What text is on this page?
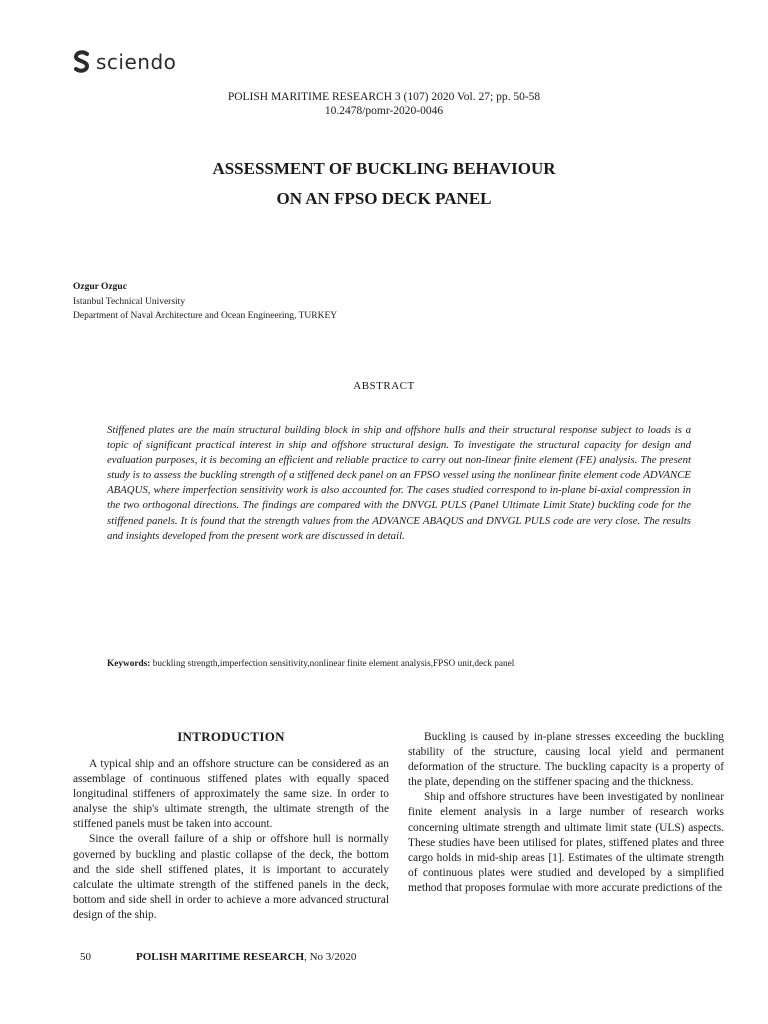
sciendo
POLISH MARITIME RESEARCH 3 (107) 2020 Vol. 27; pp. 50-58
10.2478/pomr-2020-0046
ASSESSMENT OF BUCKLING BEHAVIOUR
ON AN FPSO DECK PANEL
Ozgur Ozguc
Istanbul Technical University
Department of Naval Architecture and Ocean Engineering, TURKEY
ABSTRACT
Stiffened plates are the main structural building block in ship and offshore hulls and their structural response subject to loads is a topic of significant practical interest in ship and offshore structural design. To investigate the structural capacity for design and evaluation purposes, it is becoming an efficient and reliable practice to carry out non-linear finite element (FE) analysis. The present study is to assess the buckling strength of a stiffened deck panel on an FPSO vessel using the nonlinear finite element code ADVANCE ABAQUS, where imperfection sensitivity work is also accounted for. The cases studied correspond to in-plane bi-axial compression in the two orthogonal directions. The findings are compared with the DNVGL PULS (Panel Ultimate Limit State) buckling code for the stiffened panels. It is found that the strength values from the ADVANCE ABAQUS and DNVGL PULS code are very close. The results and insights developed from the present work are discussed in detail.
Keywords: buckling strength,imperfection sensitivity,nonlinear finite element analysis,FPSO unit,deck panel
INTRODUCTION

A typical ship and an offshore structure can be considered as an assemblage of continuous stiffened plates with equally spaced longitudinal stiffeners of approximately the same size. In order to analyse the ship's ultimate strength, the ultimate strength of the stiffened panels must be taken into account.

Since the overall failure of a ship or offshore hull is normally governed by buckling and plastic collapse of the deck, the bottom and the side shell stiffened plates, it is important to accurately calculate the ultimate strength of the stiffened panels in the deck, bottom and side shell in order to achieve a more advanced structural design of the ship.

Buckling is caused by in-plane stresses exceeding the buckling stability of the structure, causing local yield and permanent deformation of the structure. The buckling capacity is a property of the plate, depending on the stiffener spacing and the thickness.

Ship and offshore structures have been investigated by nonlinear finite element analysis in a large number of research works concerning ultimate strength and ultimate limit state (ULS) aspects. These studies have been utilised for plates, stiffened plates and three cargo holds in mid-ship areas [1]. Estimates of the ultimate strength of continuous plates were studied and developed by a simplified method that proposes formulae with more accurate predictions of the

50	POLISH MARITIME RESEARCH, No 3/2020
